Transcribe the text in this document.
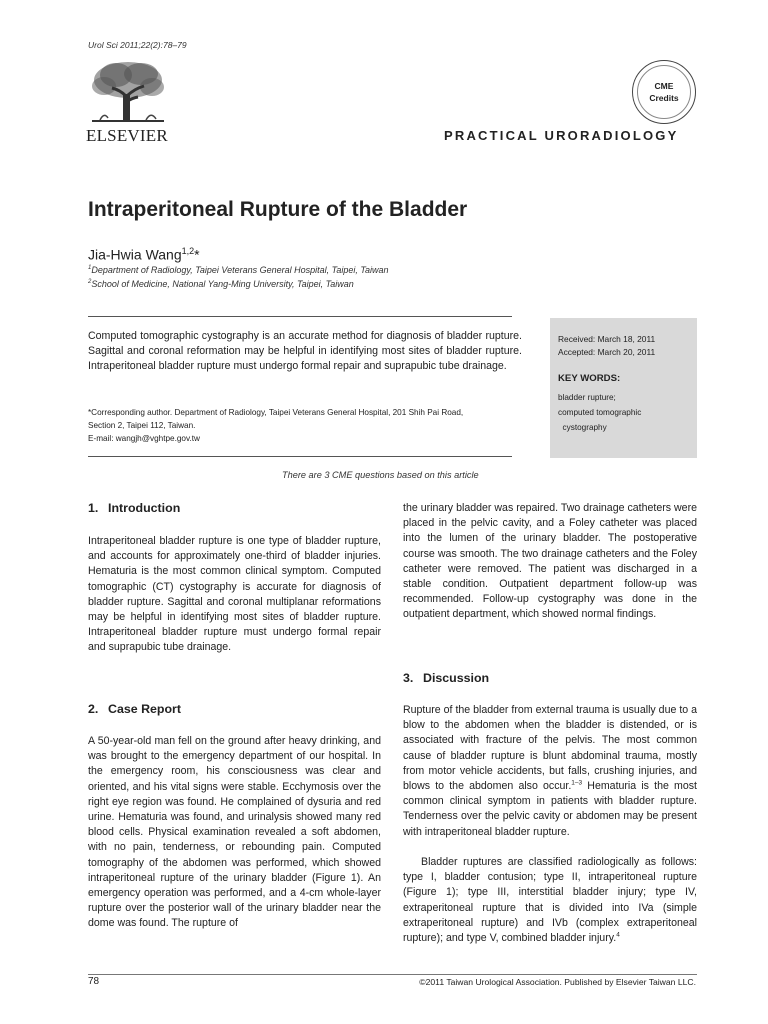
Urol Sci 2011;22(2):78–79
ELSEVIER
CME
Credits
PRACTICAL URORADIOLOGY
Intraperitoneal Rupture of the Bladder
Jia-Hwia Wang$^{1,2}$*
$^1$Department of Radiology, Taipei Veterans General Hospital, Taipei, Taiwan
$^2$School of Medicine, National Yang-Ming University, Taipei, Taiwan

Computed tomographic cystography is an accurate method for diagnosis of bladder rupture. Sagittal and coronal reformation may be helpful in identifying most sites of bladder rupture. Intraperitoneal bladder rupture must undergo formal repair and suprapubic tube drainage.

*Corresponding author. Department of Radiology, Taipei Veterans General Hospital, 201 Shih Pai Road,
Section 2, Taipei 112, Taiwan.
E-mail: wangjh@vghtpe.gov.tw
Received: March 18, 2011
Accepted: March 20, 2011
KEY WORDS:
bladder rupture;
computed tomographic
cystography
There are 3 CME questions based on this article
1. Introduction

Intraperitoneal bladder rupture is one type of bladder rupture, and accounts for approximately one-third of bladder injuries. Hematuria is the most common clinical symptom. Computed tomographic (CT) cystography is accurate for diagnosis of bladder rupture. Sagittal and coronal multiplanar reformations may be helpful in identifying most sites of bladder rupture. Intraperitoneal bladder rupture must undergo formal repair and suprapubic tube drainage.

2. Case Report

A 50-year-old man fell on the ground after heavy drinking, and was brought to the emergency department of our hospital. In the emergency room, his consciousness was clear and oriented, and his vital signs were stable. Ecchymosis over the right eye region was found. He complained of dysuria and red urine. Hematuria was found, and urinalysis showed many red blood cells. Physical examination revealed a soft abdomen, with no pain, tenderness, or rebounding pain. Computed tomography of the abdomen was performed, which showed intraperitoneal rupture of the urinary bladder (Figure 1). An emergency operation was performed, and a 4-cm whole-layer rupture over the posterior wall of the urinary bladder near the dome was found. The rupture of

the urinary bladder was repaired. Two drainage catheters were placed in the pelvic cavity, and a Foley catheter was placed into the lumen of the urinary bladder. The postoperative course was smooth. The two drainage catheters and the Foley catheter were removed. The patient was discharged in a stable condition. Outpatient department follow-up was recommended. Follow-up cystography was done in the outpatient department, which showed normal findings.

3. Discussion

Rupture of the bladder from external trauma is usually due to a blow to the abdomen when the bladder is distended, or is associated with fracture of the pelvis. The most common cause of bladder rupture is blunt abdominal trauma, mostly from motor vehicle accidents, but falls, crushing injuries, and blows to the abdomen also occur.$^{1-3}$ Hematuria is the most common clinical symptom in patients with bladder rupture. Tenderness over the pelvic cavity or abdomen may be present with intraperitoneal bladder rupture.

Bladder ruptures are classified radiologically as follows: type I, bladder contusion; type II, intraperitoneal rupture (Figure 1); type III, interstitial bladder injury; type IV, extraperitoneal rupture that is divided into IVa (simple extraperitoneal rupture) and IVb (complex extraperitoneal rupture); and type V, combined bladder injury.$^4$

78	©2011 Taiwan Urological Association. Published by Elsevier Taiwan LLC.
